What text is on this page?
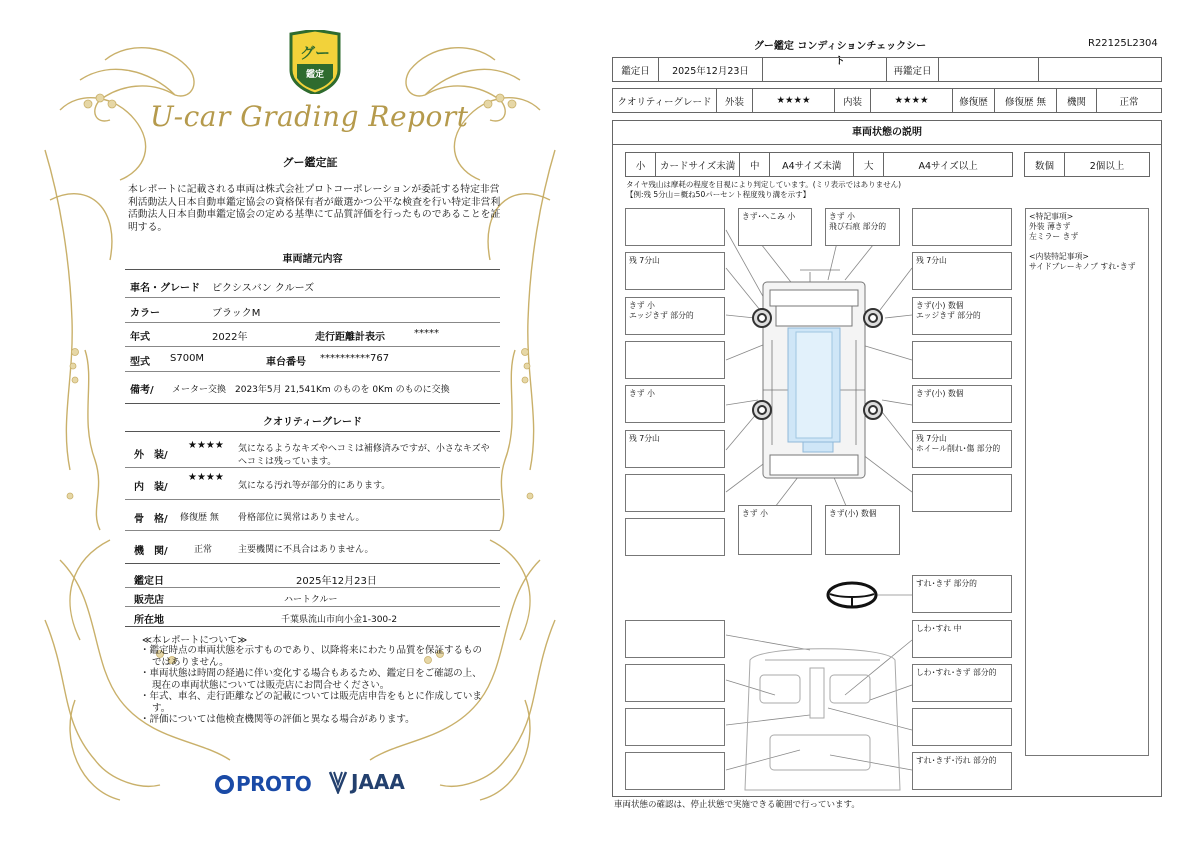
グー
鑑定
U-car Grading Report
グー鑑定証
本レポートに記載される車両は株式会社プロトコーポレーションが委託する特定非営利活動法人日本自動車鑑定協会の資格保有者が厳選かつ公平な検査を行い特定非営利活動法人日本自動車鑑定協会の定める基準にて品質評価を行ったものであることを証明する。
車両諸元内容
車名・グレード ピクシスバン クルーズ
カラー	ブラックM
年式	2022年	走行距離計表示	*****
型式 S700M	車台番号 **********767
備考/ メーター交換　2023年5月 21,541Km のものを 0Km のものに交換
クオリティーグレード
外　装/
★★★★ 気になるようなキズやヘコミは補修済みですが、小さなキズや
ヘコミは残っています。
内　装/
★★★★
気になる汚れ等が部分的にあります。
骨　格/ 修復歴 無 骨格部位に異常はありません。
機　関/	正常	主要機関に不具合はありません。
鑑定日	2025年12月23日
販売店	ハートクルー
所在地	千葉県流山市向小金1-300-2
≪本レポートについて≫
・ 鑑定時点の車両状態を示すものであり、以降将来にわたり品質を保証するものではありません。
・ 車両状態は時間の経過に伴い変化する場合もあるため、鑑定日をご確認の上、現在の車両状態については販売店にお問合せください。
・ 年式、車名、走行距離などの記載については販売店申告をもとに作成しています。
・ 評価については他検査機関等の評価と異なる場合があります。
PROTO	JAAA
グー鑑定 コンディションチェックシート
R22125L2304
鑑定日	2025年12月23日		再鑑定日		
クオリティーグレード	外装	★★★★	内装	★★★★	修復歴	修復歴 無	機関	正常
車両状態の説明
小	カードサイズ未満	中	A4サイズ未満	大	A4サイズ以上	数個	2個以上
タイヤ残山は摩耗の程度を目視により判定しています。(ミリ表示ではありません)
【例:残 5分山＝概ね50パーセント程度残り溝を示す】
きず･へこみ 小	きず 小
飛び石痕 部分的
残 7分山
きず 小
エッジきず 部分的
きず 小
残 7分山
残 7分山
きず(小) 数個
エッジきず 部分的
きず(小) 数個
残 7分山
ホイール削れ･傷 部分的
きず 小	きず(小) 数個
すれ･きず 部分的
しわ･すれ 中
しわ･すれ･きず 部分的
すれ･きず･汚れ 部分的
<特記事項>
外装 薄きず
左ミラー きず
<内装特記事項>
サイドブレーキノブ すれ･きず
車両状態の確認は、停止状態で実施できる範囲で行っています。
